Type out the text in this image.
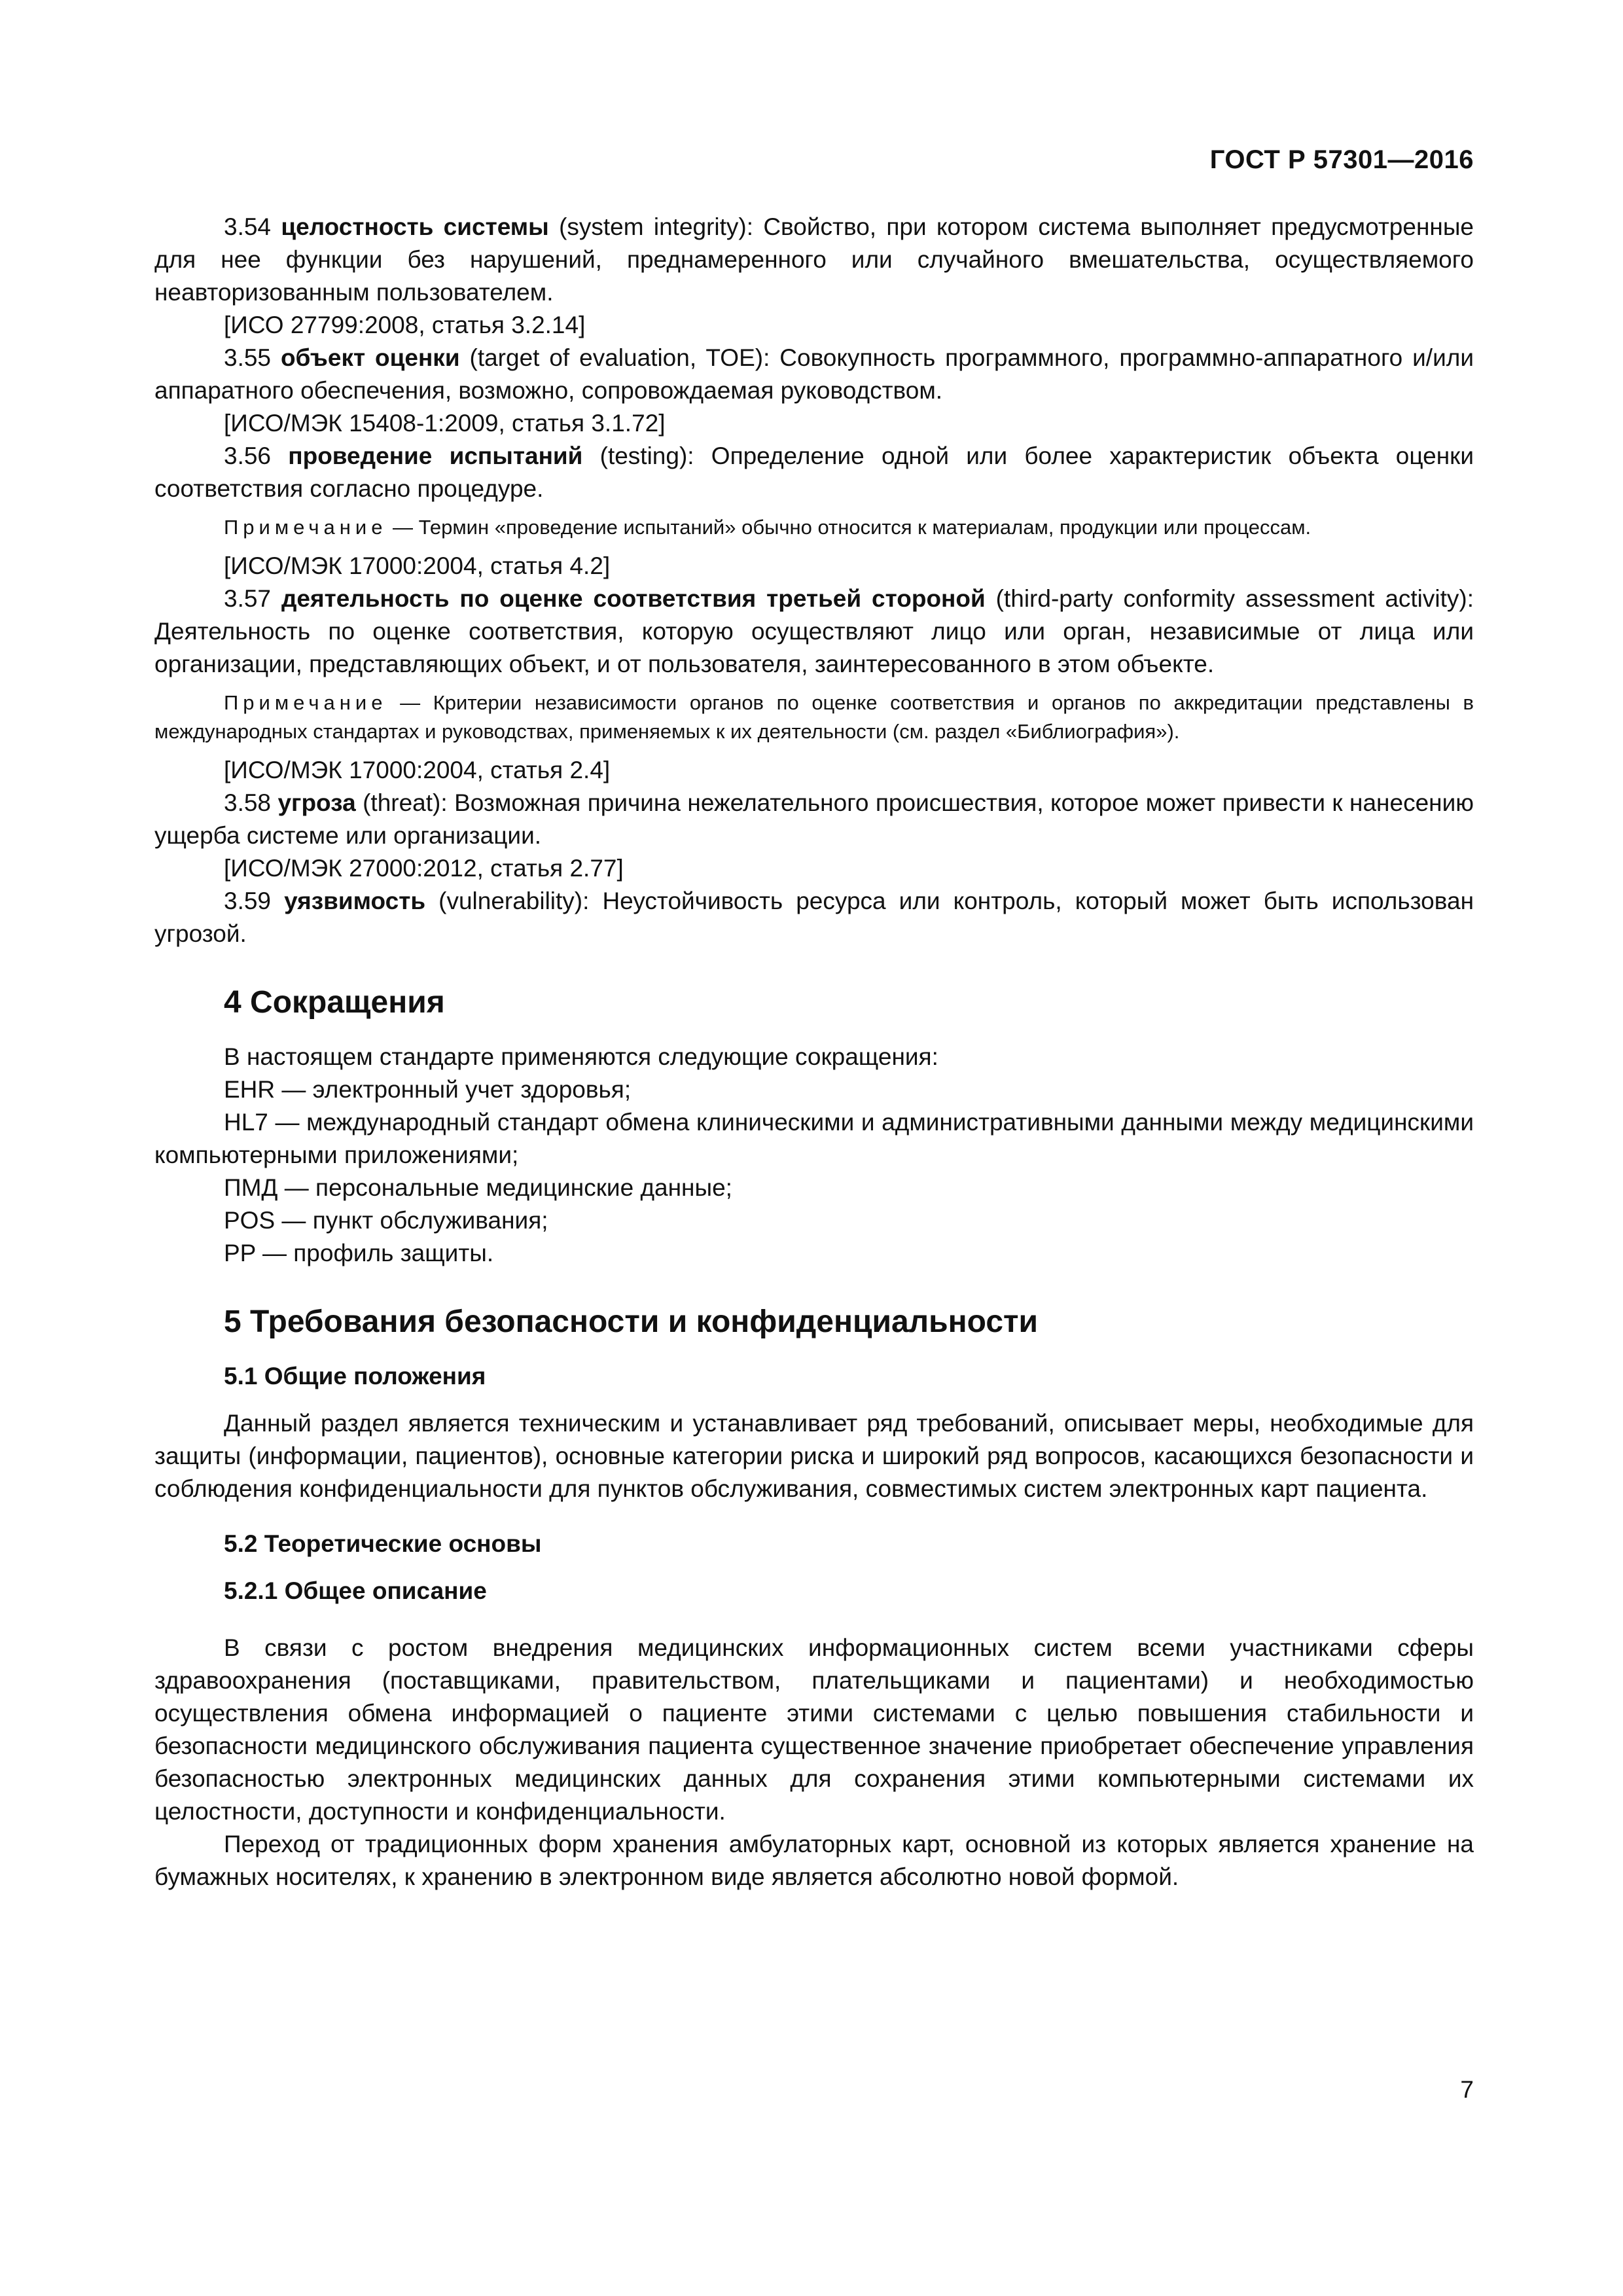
ГОСТ Р 57301—2016

3.54 целостность системы (system integrity): Свойство, при котором система выполняет предусмотренные для нее функции без нарушений, преднамеренного или случайного вмешательства, осуществляемого неавторизованным пользователем.

[ИСО 27799:2008, статья 3.2.14]

3.55 объект оценки (target of evaluation, TOE): Совокупность программного, программно-аппаратного и/или аппаратного обеспечения, возможно, сопровождаемая руководством.

[ИСО/МЭК 15408-1:2009, статья 3.1.72]

3.56 проведение испытаний (testing): Определение одной или более характеристик объекта оценки соответствия согласно процедуре.

Примечание — Термин «проведение испытаний» обычно относится к материалам, продукции или процессам.

[ИСО/МЭК 17000:2004, статья 4.2]

3.57 деятельность по оценке соответствия третьей стороной (third-party conformity assessment activity): Деятельность по оценке соответствия, которую осуществляют лицо или орган, независимые от лица или организации, представляющих объект, и от пользователя, заинтересованного в этом объекте.

Примечание — Критерии независимости органов по оценке соответствия и органов по аккредитации представлены в международных стандартах и руководствах, применяемых к их деятельности (см. раздел «Библиография»).

[ИСО/МЭК 17000:2004, статья 2.4]

3.58 угроза (threat): Возможная причина нежелательного происшествия, которое может привести к нанесению ущерба системе или организации.

[ИСО/МЭК 27000:2012, статья 2.77]

3.59 уязвимость (vulnerability): Неустойчивость ресурса или контроль, который может быть использован угрозой.

4 Сокращения

В настоящем стандарте применяются следующие сокращения:

EHR — электронный учет здоровья;

HL7 — международный стандарт обмена клиническими и административными данными между медицинскими компьютерными приложениями;

ПМД — персональные медицинские данные;

POS — пункт обслуживания;

PP — профиль защиты.

5 Требования безопасности и конфиденциальности
5.1 Общие положения

Данный раздел является техническим и устанавливает ряд требований, описывает меры, необходимые для защиты (информации, пациентов), основные категории риска и широкий ряд вопросов, касающихся безопасности и соблюдения конфиденциальности для пунктов обслуживания, совместимых систем электронных карт пациента.

5.2 Теоретические основы
5.2.1 Общее описание

В связи с ростом внедрения медицинских информационных систем всеми участниками сферы здравоохранения (поставщиками, правительством, плательщиками и пациентами) и необходимостью осуществления обмена информацией о пациенте этими системами с целью повышения стабильности и безопасности медицинского обслуживания пациента существенное значение приобретает обеспечение управления безопасностью электронных медицинских данных для сохранения этими компьютерными системами их целостности, доступности и конфиденциальности.

Переход от традиционных форм хранения амбулаторных карт, основной из которых является хранение на бумажных носителях, к хранению в электронном виде является абсолютно новой формой.

7
